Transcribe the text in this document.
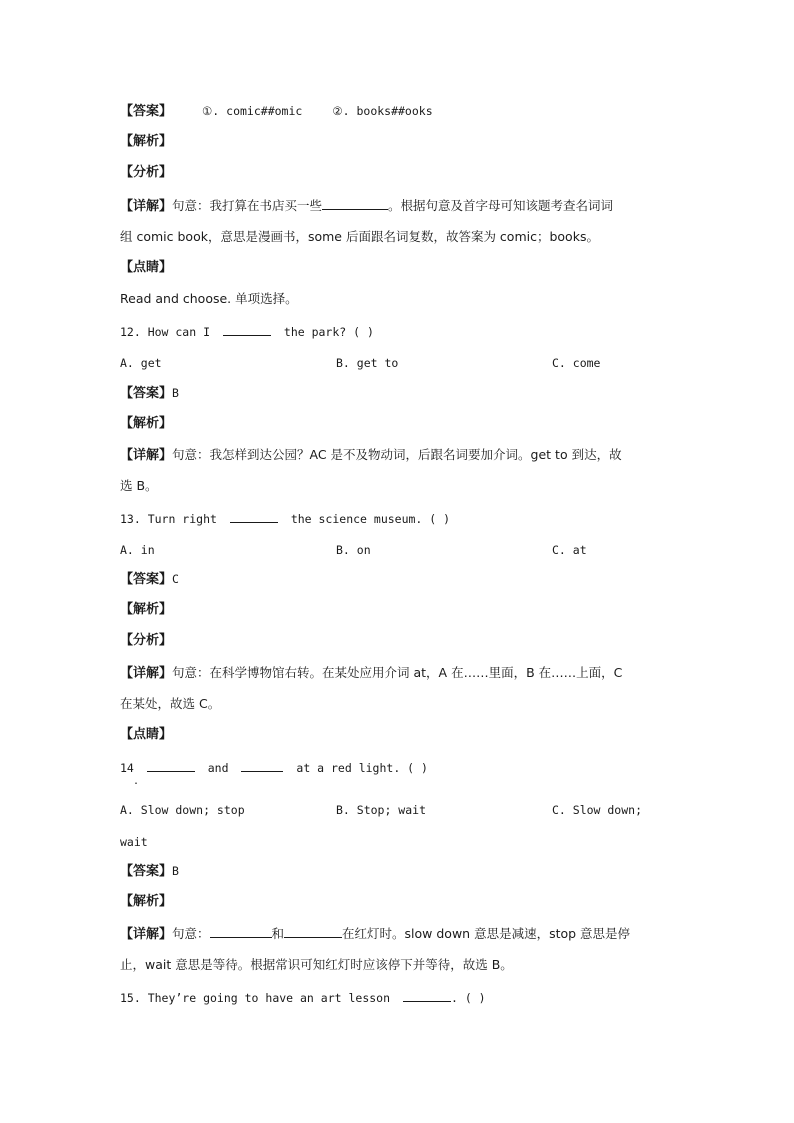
【答案】	①. comic##omic	②. books##ooks
【解析】
【分析】
【详解】句意：我打算在书店买一些	。根据句意及首字母可知该题考查名词词
组 comic book，意思是漫画书，some 后面跟名词复数，故答案为 comic；books。
【点睛】
Read and choose. 单项选择。
12. How can I	the park? ( )
A. get	B. get to	C. come
【答案】B
【解析】
【详解】句意：我怎样到达公园？AC 是不及物动词，后跟名词要加介词。get to 到达，故
选 B。
13. Turn right	the science museum. ( )
A. in	B. on	C. at
【答案】C
【解析】
【分析】
【详解】句意：在科学博物馆右转。在某处应用介词 at，A 在……里面，B 在……上面，C
在某处，故选 C。
【点睛】
14	and	at a red light. ( )
.
A. Slow down; stop	B. Stop; wait	C. Slow down;
wait
【答案】B
【解析】
【详解】句意：	和	在红灯时。slow down 意思是减速，stop 意思是停
止，wait 意思是等待。根据常识可知红灯时应该停下并等待，故选 B。
15. They’re going to have an art lesson	. ( )
